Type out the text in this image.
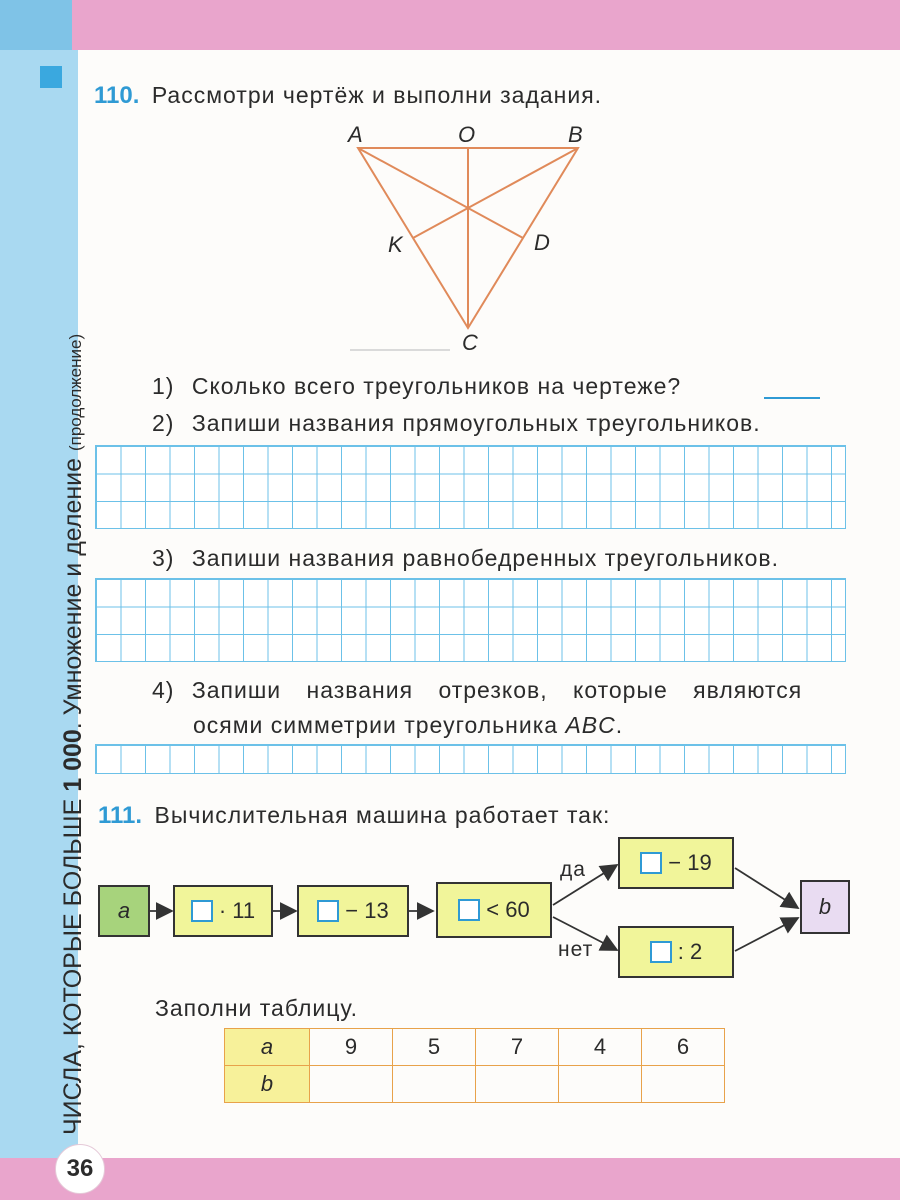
ЧИСЛА, КОТОРЫЕ БОЛЬШЕ 1 000. Умножение и деление (продолжение)
36
110. Рассмотри чертёж и выполни задания.
A	O	B
K	D
C
1) Сколько всего треугольников на чертеже?
2) Запиши названия прямоугольных треугольников.
3) Запиши названия равнобедренных треугольников.
4) Запиши названия отрезков, которые являются
осями симметрии треугольника ABC.
111. Вычислительная машина работает так:
a	· 11	− 13	< 60
да
нет
− 19
: 2
b
Заполни таблицу.
a	9	5	7	4	6
b					
